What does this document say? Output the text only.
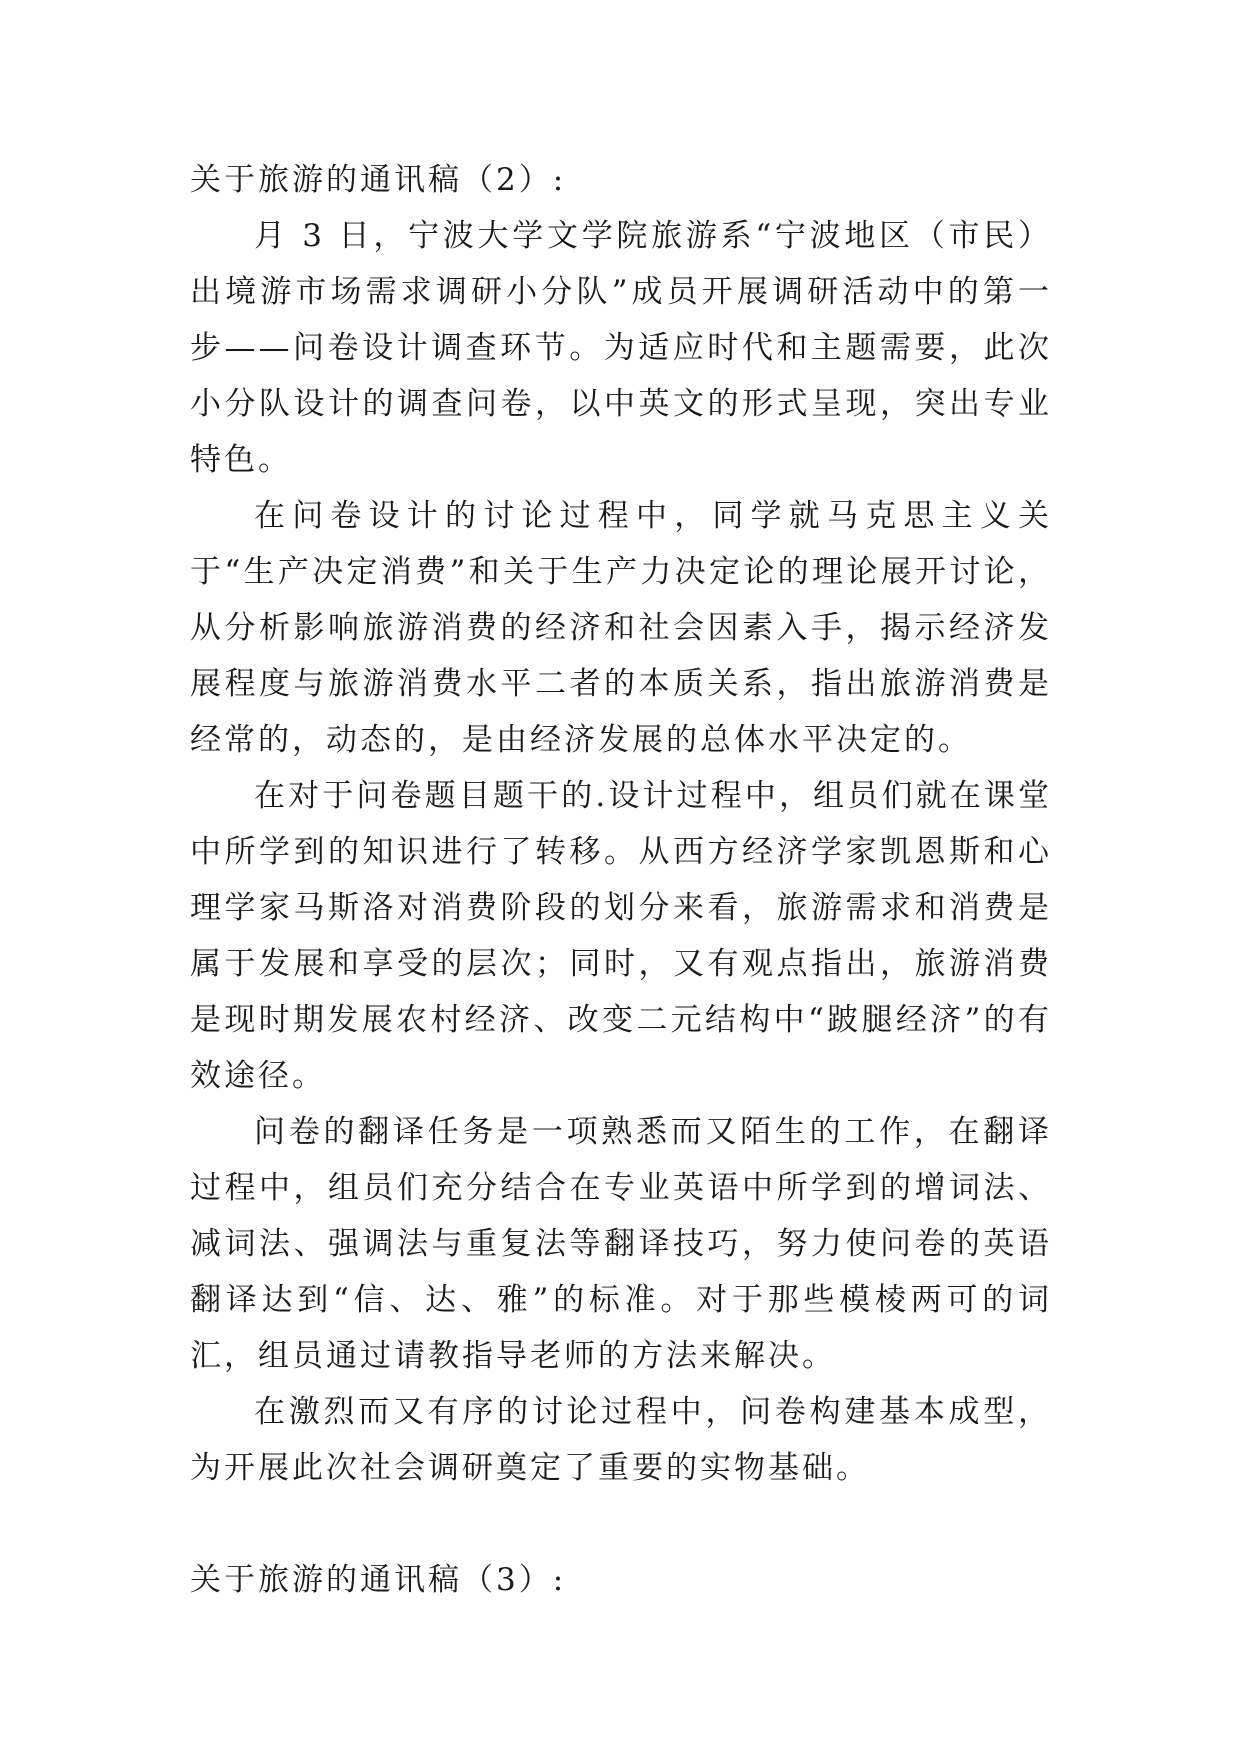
关于旅游的通讯稿（2）:

月 3 日，宁波大学文学院旅游系“宁波地区（市民）出境游市场需求调研小分队”成员开展调研活动中的第一步——问卷设计调查环节。为适应时代和主题需要，此次小分队设计的调查问卷，以中英文的形式呈现，突出专业特色。

在问卷设计的讨论过程中，同学就马克思主义关于“生产决定消费”和关于生产力决定论的理论展开讨论，从分析影响旅游消费的经济和社会因素入手，揭示经济发展程度与旅游消费水平二者的本质关系，指出旅游消费是经常的，动态的，是由经济发展的总体水平决定的。

在对于问卷题目题干的.设计过程中，组员们就在课堂中所学到的知识进行了转移。从西方经济学家凯恩斯和心理学家马斯洛对消费阶段的划分来看，旅游需求和消费是属于发展和享受的层次；同时，又有观点指出，旅游消费是现时期发展农村经济、改变二元结构中“跛腿经济”的有效途径。

问卷的翻译任务是一项熟悉而又陌生的工作，在翻译过程中，组员们充分结合在专业英语中所学到的增词法、减词法、强调法与重复法等翻译技巧，努力使问卷的英语翻译达到“信、达、雅”的标准。对于那些模棱两可的词汇，组员通过请教指导老师的方法来解决。

在激烈而又有序的讨论过程中，问卷构建基本成型，为开展此次社会调研奠定了重要的实物基础。

关于旅游的通讯稿（3）:
